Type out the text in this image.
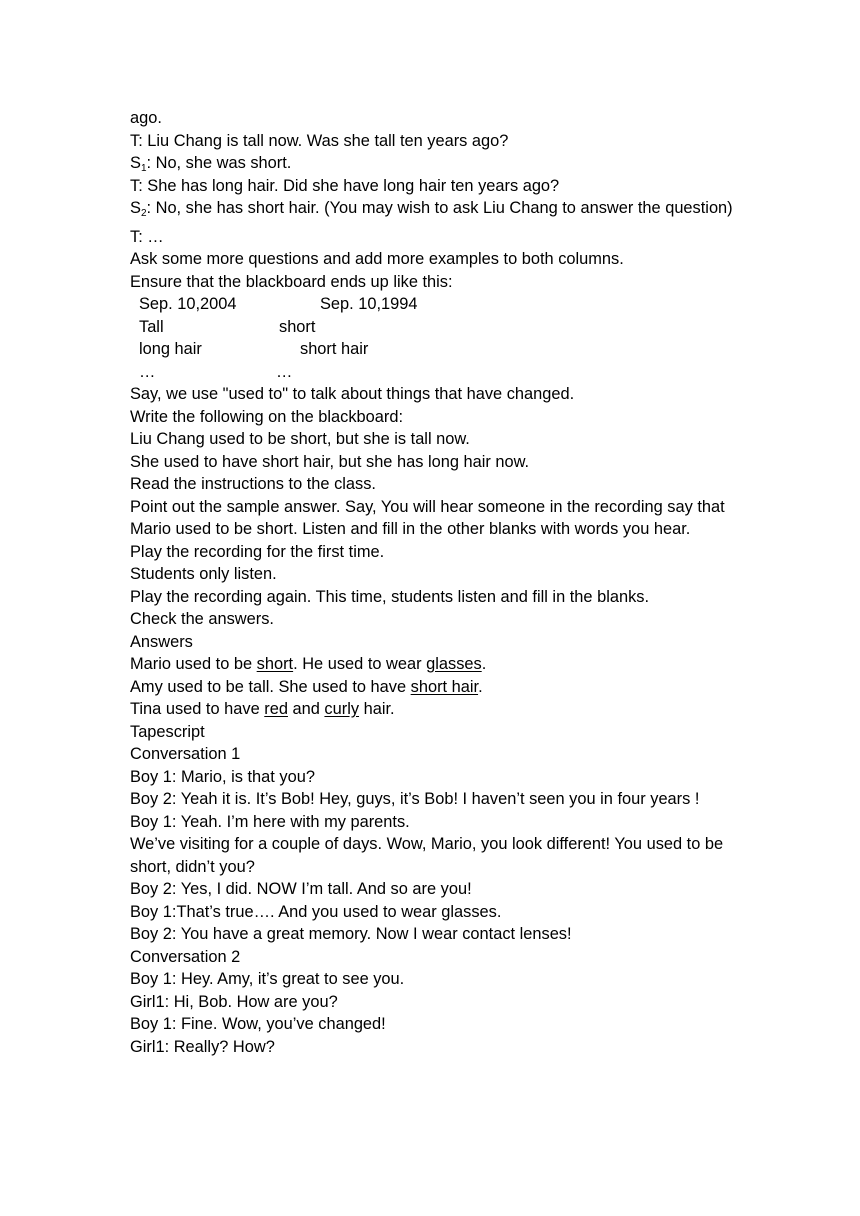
ago.

T: Liu Chang is tall now. Was she tall ten years ago?

$S_1$: No, she was short.

T: She has long hair. Did she have long hair ten years ago?

$S_2$: No, she has short hair. (You may wish to ask Liu Chang to answer the question)

T: …

Ask some more questions and add more examples to both columns.

Ensure that the blackboard ends up like this:

Sep. 10,2004	Sep. 10,1994
Tall	short
long hair	short hair
…	…

Say, we use "used to" to talk about things that have changed.

Write the following on the blackboard:

Liu Chang used to be short, but she is tall now.

She used to have short hair, but she has long hair now.

Read the instructions to the class.

Point out the sample answer. Say, You will hear someone in the recording say that Mario used to be short. Listen and fill in the other blanks with words you hear.

Play the recording for the first time.

Students only listen.

Play the recording again. This time, students listen and fill in the blanks.

Check the answers.

Answers

Mario used to be short. He used to wear glasses.

Amy used to be tall. She used to have short hair.

Tina used to have red and curly hair.

Tapescript

Conversation 1

Boy 1: Mario, is that you?

Boy 2: Yeah it is. It’s Bob! Hey, guys, it’s Bob! I haven’t seen you in four years !

Boy 1: Yeah. I’m here with my parents.

We’ve visiting for a couple of days. Wow, Mario, you look different! You used to be short, didn’t you?

Boy 2: Yes, I did. NOW I’m tall. And so are you!

Boy 1:That’s true…. And you used to wear glasses.

Boy 2: You have a great memory. Now I wear contact lenses!

Conversation 2

Boy 1: Hey. Amy, it’s great to see you.

Girl1: Hi, Bob. How are you?

Boy 1: Fine. Wow, you’ve changed!

Girl1: Really? How?
